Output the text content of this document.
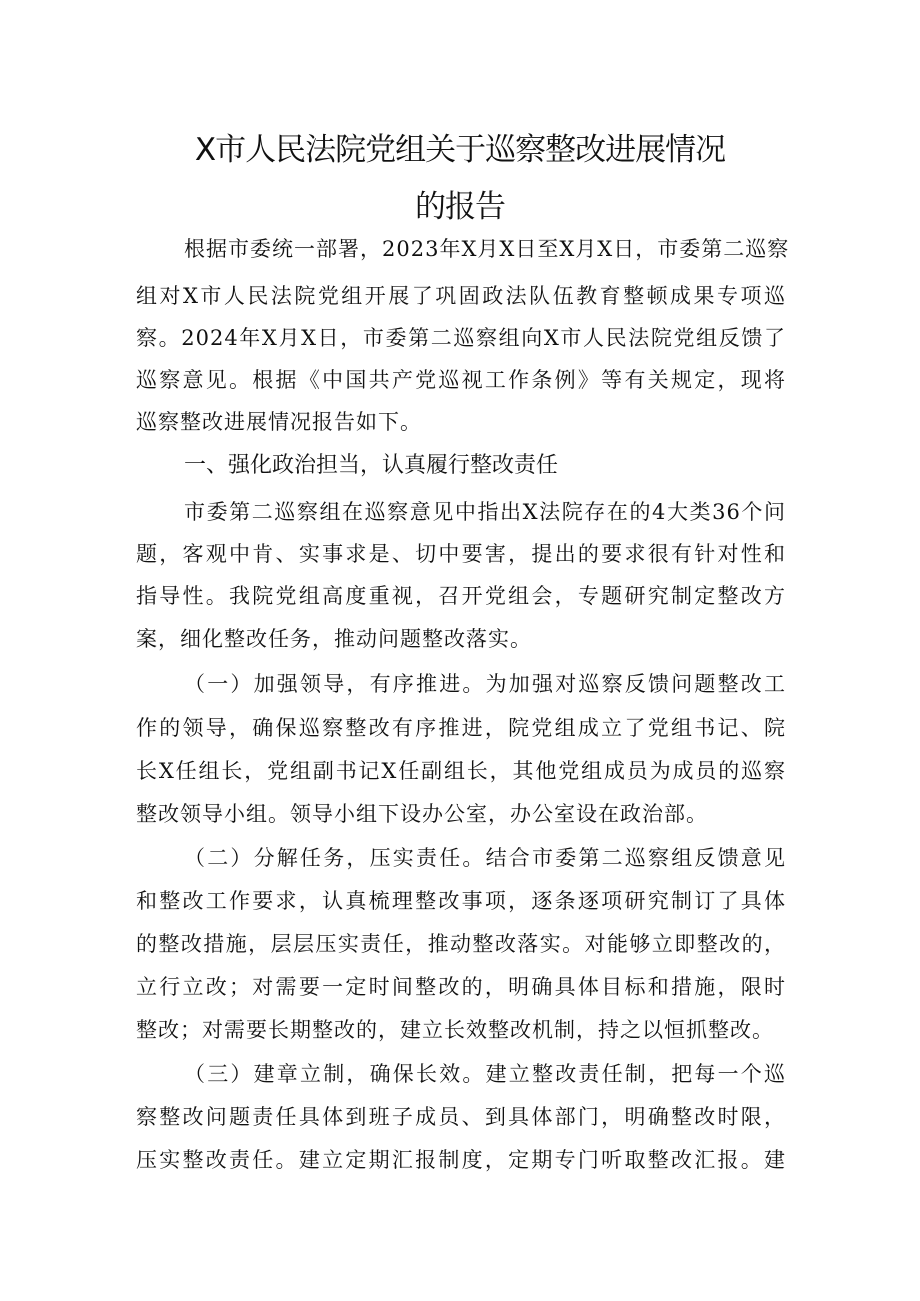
X市人民法院党组关于巡察整改进展情况
的报告
根据市委统一部署，2023年X月X日至X月X日，市委第二巡察
组对X市人民法院党组开展了巩固政法队伍教育整顿成果专项巡
察。2024年X月X日，市委第二巡察组向X市人民法院党组反馈了
巡察意见。根据《中国共产党巡视工作条例》等有关规定，现将
巡察整改进展情况报告如下。
一、强化政治担当，认真履行整改责任
市委第二巡察组在巡察意见中指出X法院存在的4大类36个问
题，客观中肯、实事求是、切中要害，提出的要求很有针对性和
指导性。我院党组高度重视，召开党组会，专题研究制定整改方
案，细化整改任务，推动问题整改落实。
（一）加强领导，有序推进。为加强对巡察反馈问题整改工
作的领导，确保巡察整改有序推进，院党组成立了党组书记、院
长X任组长，党组副书记X任副组长，其他党组成员为成员的巡察
整改领导小组。领导小组下设办公室，办公室设在政治部。
（二）分解任务，压实责任。结合市委第二巡察组反馈意见
和整改工作要求，认真梳理整改事项，逐条逐项研究制订了具体
的整改措施，层层压实责任，推动整改落实。对能够立即整改的，
立行立改；对需要一定时间整改的，明确具体目标和措施，限时
整改；对需要长期整改的，建立长效整改机制，持之以恒抓整改。
（三）建章立制，确保长效。建立整改责任制，把每一个巡
察整改问题责任具体到班子成员、到具体部门，明确整改时限，
压实整改责任。建立定期汇报制度，定期专门听取整改汇报。建
